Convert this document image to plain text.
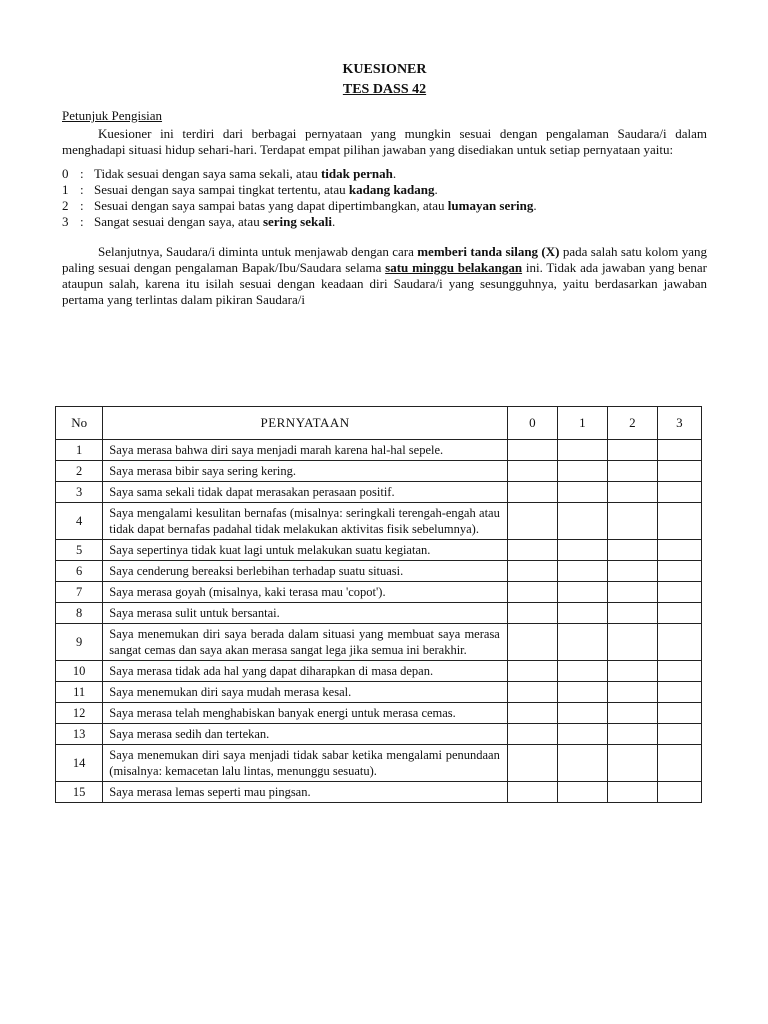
KUESIONER
TES DASS 42
Petunjuk Pengisian

Kuesioner ini terdiri dari berbagai pernyataan yang mungkin sesuai dengan pengalaman Saudara/i dalam menghadapi situasi hidup sehari-hari. Terdapat empat pilihan jawaban yang disediakan untuk setiap pernyataan yaitu:

0 : Tidak sesuai dengan saya sama sekali, atau tidak pernah.
1 : Sesuai dengan saya sampai tingkat tertentu, atau kadang kadang.
2 : Sesuai dengan saya sampai batas yang dapat dipertimbangkan, atau lumayan sering.
3 : Sangat sesuai dengan saya, atau sering sekali.

Selanjutnya, Saudara/i diminta untuk menjawab dengan cara memberi tanda silang (X) pada salah satu kolom yang paling sesuai dengan pengalaman Bapak/Ibu/Saudara selama satu minggu belakangan ini. Tidak ada jawaban yang benar ataupun salah, karena itu isilah sesuai dengan keadaan diri Saudara/i yang sesungguhnya, yaitu berdasarkan jawaban pertama yang terlintas dalam pikiran Saudara/i

No	PERNYATAAN	0	1	2	3
1	Saya merasa bahwa diri saya menjadi marah karena hal-hal sepele.				
2	Saya merasa bibir saya sering kering.				
3	Saya sama sekali tidak dapat merasakan perasaan positif.				
4	Saya mengalami kesulitan bernafas (misalnya: seringkali terengah-engah atau tidak dapat bernafas padahal tidak melakukan aktivitas fisik sebelumnya).				
5	Saya sepertinya tidak kuat lagi untuk melakukan suatu kegiatan.				
6	Saya cenderung bereaksi berlebihan terhadap suatu situasi.				
7	Saya merasa goyah (misalnya, kaki terasa mau 'copot').				
8	Saya merasa sulit untuk bersantai.				
9	Saya menemukan diri saya berada dalam situasi yang membuat saya merasa sangat cemas dan saya akan merasa sangat lega jika semua ini berakhir.				
10	Saya merasa tidak ada hal yang dapat diharapkan di masa depan.				
11	Saya menemukan diri saya mudah merasa kesal.				
12	Saya merasa telah menghabiskan banyak energi untuk merasa cemas.				
13	Saya merasa sedih dan tertekan.				
14	Saya menemukan diri saya menjadi tidak sabar ketika mengalami penundaan (misalnya: kemacetan lalu lintas, menunggu sesuatu).				
15	Saya merasa lemas seperti mau pingsan.				
